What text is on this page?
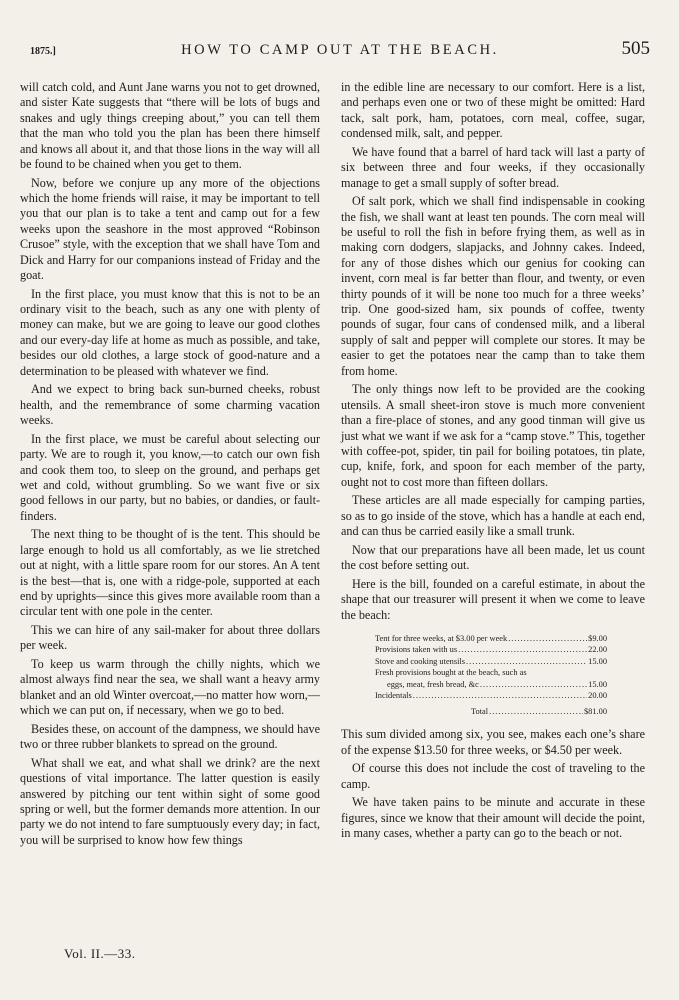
1875.]	HOW TO CAMP OUT AT THE BEACH.	505

will catch cold, and Aunt Jane warns you not to get drowned, and sister Kate suggests that “there will be lots of bugs and snakes and ugly things creeping about,” you can tell them that the man who told you the plan has been there himself and knows all about it, and that those lions in the way will all be found to be chained when you get to them.

Now, before we conjure up any more of the objections which the home friends will raise, it may be important to tell you that our plan is to take a tent and camp out for a few weeks upon the seashore in the most approved “Robinson Crusoe” style, with the exception that we shall have Tom and Dick and Harry for our companions instead of Friday and the goat.

In the first place, you must know that this is not to be an ordinary visit to the beach, such as any one with plenty of money can make, but we are going to leave our good clothes and our every-day life at home as much as possible, and take, besides our old clothes, a large stock of good-nature and a determination to be pleased with whatever we find.

And we expect to bring back sun-burned cheeks, robust health, and the remembrance of some charming vacation weeks.

In the first place, we must be careful about selecting our party. We are to rough it, you know,—to catch our own fish and cook them too, to sleep on the ground, and perhaps get wet and cold, without grumbling. So we want five or six good fellows in our party, but no babies, or dandies, or fault-finders.

The next thing to be thought of is the tent. This should be large enough to hold us all comfortably, as we lie stretched out at night, with a little spare room for our stores. An A tent is the best—that is, one with a ridge-pole, supported at each end by uprights—since this gives more available room than a circular tent with one pole in the center.

This we can hire of any sail-maker for about three dollars per week.

To keep us warm through the chilly nights, which we almost always find near the sea, we shall want a heavy army blanket and an old Winter overcoat,—no matter how worn,—which we can put on, if necessary, when we go to bed.

Besides these, on account of the dampness, we should have two or three rubber blankets to spread on the ground.

What shall we eat, and what shall we drink? are the next questions of vital importance. The latter question is easily answered by pitching our tent within sight of some good spring or well, but the former demands more attention. In our party we do not intend to fare sumptuously every day; in fact, you will be surprised to know how few things

in the edible line are necessary to our comfort. Here is a list, and perhaps even one or two of these might be omitted: Hard tack, salt pork, ham, potatoes, corn meal, coffee, sugar, condensed milk, salt, and pepper.

We have found that a barrel of hard tack will last a party of six between three and four weeks, if they occasionally manage to get a small supply of softer bread.

Of salt pork, which we shall find indispensable in cooking the fish, we shall want at least ten pounds. The corn meal will be useful to roll the fish in before frying them, as well as in making corn dodgers, slapjacks, and Johnny cakes. Indeed, for any of those dishes which our genius for cooking can invent, corn meal is far better than flour, and twenty, or even thirty pounds of it will be none too much for a three weeks’ trip. One good-sized ham, six pounds of coffee, twenty pounds of sugar, four cans of condensed milk, and a liberal supply of salt and pepper will complete our stores. It may be easier to get the potatoes near the camp than to take them from home.

The only things now left to be provided are the cooking utensils. A small sheet-iron stove is much more convenient than a fire-place of stones, and any good tinman will give us just what we want if we ask for a “camp stove.” This, together with coffee-pot, spider, tin pail for boiling potatoes, tin plate, cup, knife, fork, and spoon for each member of the party, ought not to cost more than fifteen dollars.

These articles are all made especially for camping parties, so as to go inside of the stove, which has a handle at each end, and can thus be carried easily like a small trunk.

Now that our preparations have all been made, let us count the cost before setting out.

Here is the bill, founded on a careful estimate, in about the shape that our treasurer will present it when we come to leave the beach:

Tent for three weeks, at $3.00 per week .....	$9.00
Provisions taken with us .....	22.00
Stove and cooking utensils .....	15.00
Fresh provisions bought at the beach, such as
eggs, meat, fresh bread, &c .....	15.00
Incidentals .....	20.00
Total .....	$81.00

This sum divided among six, you see, makes each one’s share of the expense $13.50 for three weeks, or $4.50 per week.

Of course this does not include the cost of traveling to the camp.

We have taken pains to be minute and accurate in these figures, since we know that their amount will decide the point, in many cases, whether a party can go to the beach or not.

Vol. II.—33.
